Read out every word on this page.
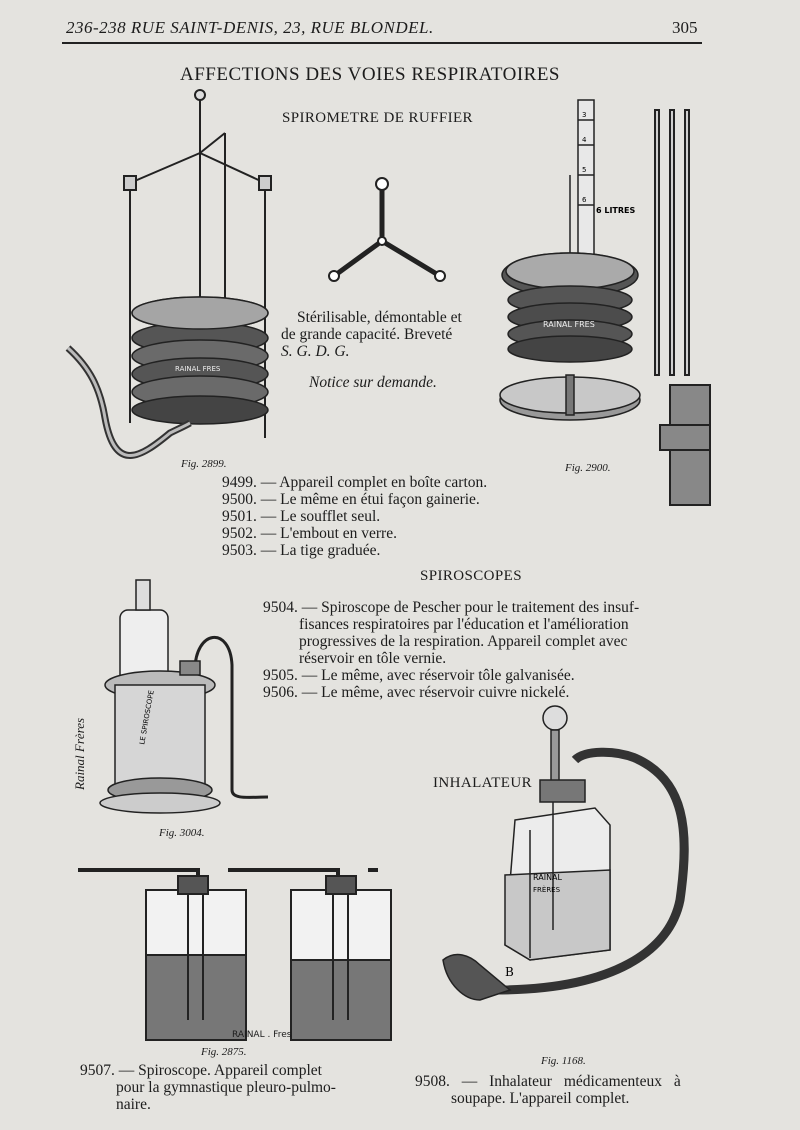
236-238 RUE SAINT-DENIS, 23, RUE BLONDEL.	305
AFFECTIONS DES VOIES RESPIRATOIRES
SPIROMETRE DE RUFFIER
RAINAL FRES
Stérilisable, démontable et
de grande capacité. Breveté
S. G. D. G.
Notice sur demande.
3
4
5
6
6 LITRES
RAINAL FRES
Fig. 2899.	Fig. 2900.
9499. — Appareil complet en boîte carton.
9500. — Le même en étui façon gainerie.
9501. — Le soufflet seul.
9502. — L'embout en verre.
9503. — La tige graduée.
SPIROSCOPES
9504. — Spiroscope de Pescher pour le traitement des insuf-
fisances respiratoires par l'éducation et l'amélioration
progressives de la respiration. Appareil complet avec
réservoir en tôle vernie.
9505. — Le même, avec réservoir tôle galvanisée.
9506. — Le même, avec réservoir cuivre nickelé.
LE SPIROSCOPE
Rainal Frères
Fig. 3004.
RAINAL . Fres
Fig. 2875.
9507. — Spiroscope. Appareil complet
pour la gymnastique pleuro-pulmo-
naire.
INHALATEUR
RAINAL
FRÈRES
B
Fig. 1168.
9508. — Inhalateur médicamenteux à
soupape. L'appareil complet.
